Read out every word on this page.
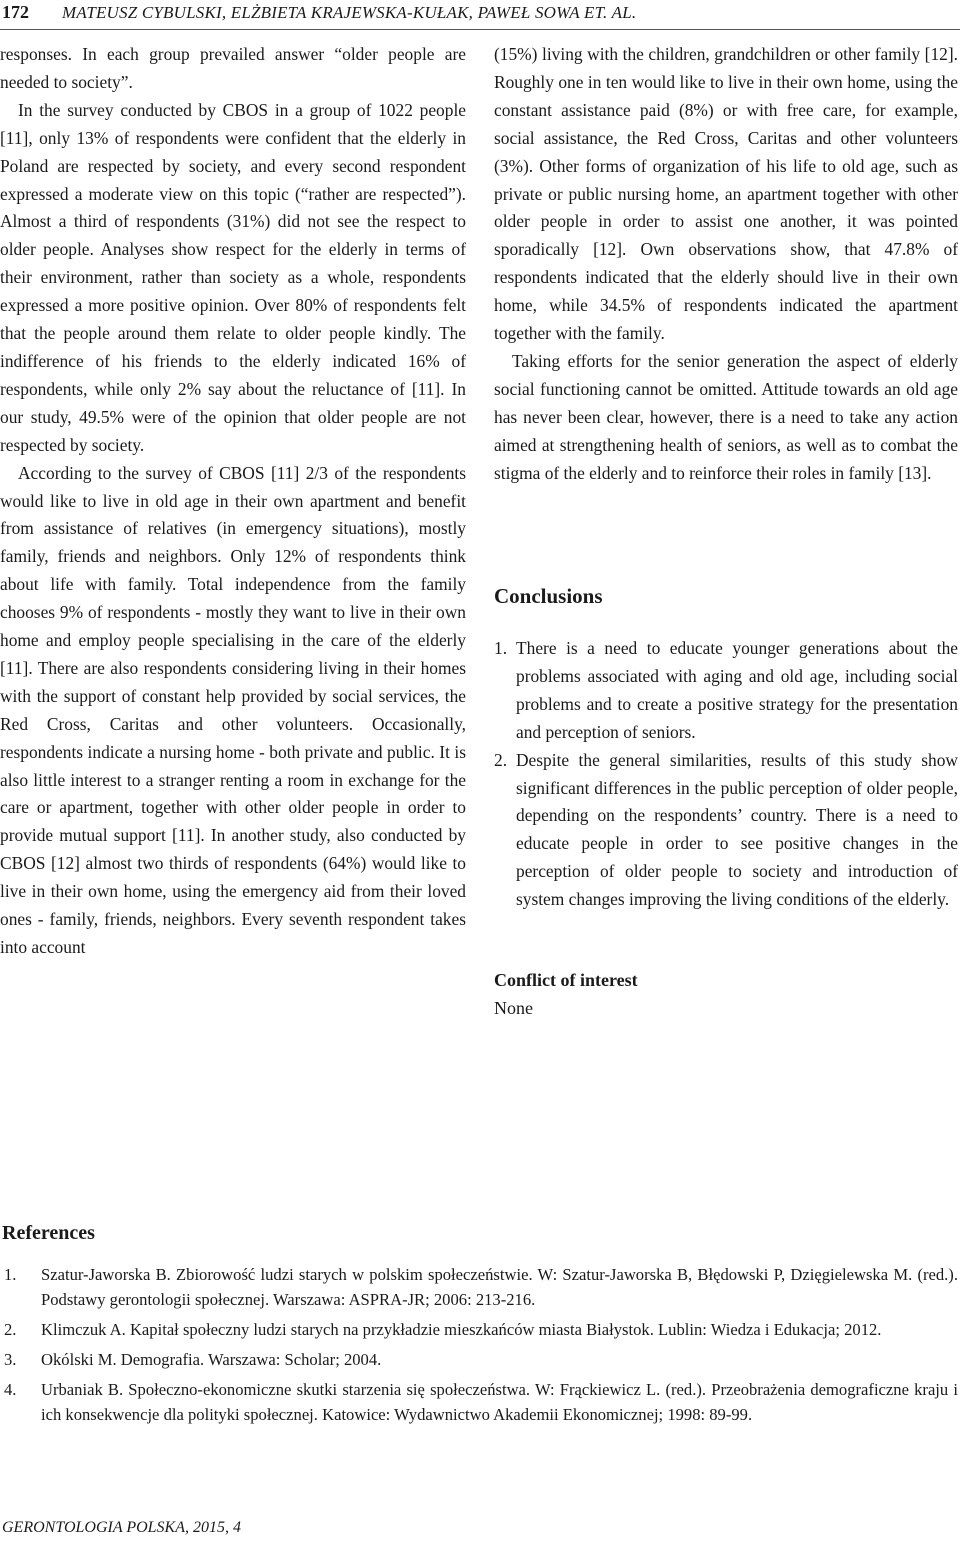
172 MATEUSZ CYBULSKI, ELŻBIETA KRAJEWSKA-KUŁAK, PAWEŁ SOWA ET. AL.

responses. In each group prevailed answer “older people are needed to society”.

In the survey conducted by CBOS in a group of 1022 people [11], only 13% of respondents were confident that the elderly in Poland are respected by society, and every second respondent expressed a moderate view on this topic (“rather are respected”). Almost a third of respondents (31%) did not see the respect to older people. Analyses show respect for the elderly in terms of their environment, rather than society as a whole, respondents expressed a more positive opinion. Over 80% of respondents felt that the people around them relate to older people kindly. The indifference of his friends to the elderly indicated 16% of respondents, while only 2% say about the reluctance of [11]. In our study, 49.5% were of the opinion that older people are not respected by society.

According to the survey of CBOS [11] 2/3 of the respondents would like to live in old age in their own apartment and benefit from assistance of relatives (in emergency situations), mostly family, friends and neighbors. Only 12% of respondents think about life with family. Total independence from the family chooses 9% of respondents - mostly they want to live in their own home and employ people specialising in the care of the elderly [11]. There are also respondents considering living in their homes with the support of constant help provided by social services, the Red Cross, Caritas and other volunteers. Occasionally, respondents indicate a nursing home - both private and public. It is also little interest to a stranger renting a room in exchange for the care or apartment, together with other older people in order to provide mutual support [11]. In another study, also conducted by CBOS [12] almost two thirds of respondents (64%) would like to live in their own home, using the emergency aid from their loved ones - family, friends, neighbors. Every seventh respondent takes into account

(15%) living with the children, grandchildren or other family [12]. Roughly one in ten would like to live in their own home, using the constant assistance paid (8%) or with free care, for example, social assistance, the Red Cross, Caritas and other volunteers (3%). Other forms of organization of his life to old age, such as private or public nursing home, an apartment together with other older people in order to assist one another, it was pointed sporadically [12]. Own observations show, that 47.8% of respondents indicated that the elderly should live in their own home, while 34.5% of respondents indicated the apartment together with the family.

Taking efforts for the senior generation the aspect of elderly social functioning cannot be omitted. Attitude towards an old age has never been clear, however, there is a need to take any action aimed at strengthening health of seniors, as well as to combat the stigma of the elderly and to reinforce their roles in family [13].

Conclusions
1. There is a need to educate younger generations about the problems associated with aging and old age, including social problems and to create a positive strategy for the presentation and perception of seniors.
2. Despite the general similarities, results of this study show significant differences in the public perception of older people, depending on the respondents’ country. There is a need to educate people in order to see positive changes in the perception of older people to society and introduction of system changes improving the living conditions of the elderly.
Conflict of interest
None
References
1. Szatur-Jaworska B. Zbiorowość ludzi starych w polskim społeczeństwie. W: Szatur-Jaworska B, Błędowski P, Dzięgielewska M. (red.). Podstawy gerontologii społecznej. Warszawa: ASPRA-JR; 2006: 213-216.
2. Klimczuk A. Kapitał społeczny ludzi starych na przykładzie mieszkańców miasta Białystok. Lublin: Wiedza i Edukacja; 2012.
3. Okólski M. Demografia. Warszawa: Scholar; 2004.
4. Urbaniak B. Społeczno-ekonomiczne skutki starzenia się społeczeństwa. W: Frąckiewicz L. (red.). Przeobrażenia demograficzne kraju i ich konsekwencje dla polityki społecznej. Katowice: Wydawnictwo Akademii Ekonomicznej; 1998: 89-99.
GERONTOLOGIA POLSKA, 2015, 4
